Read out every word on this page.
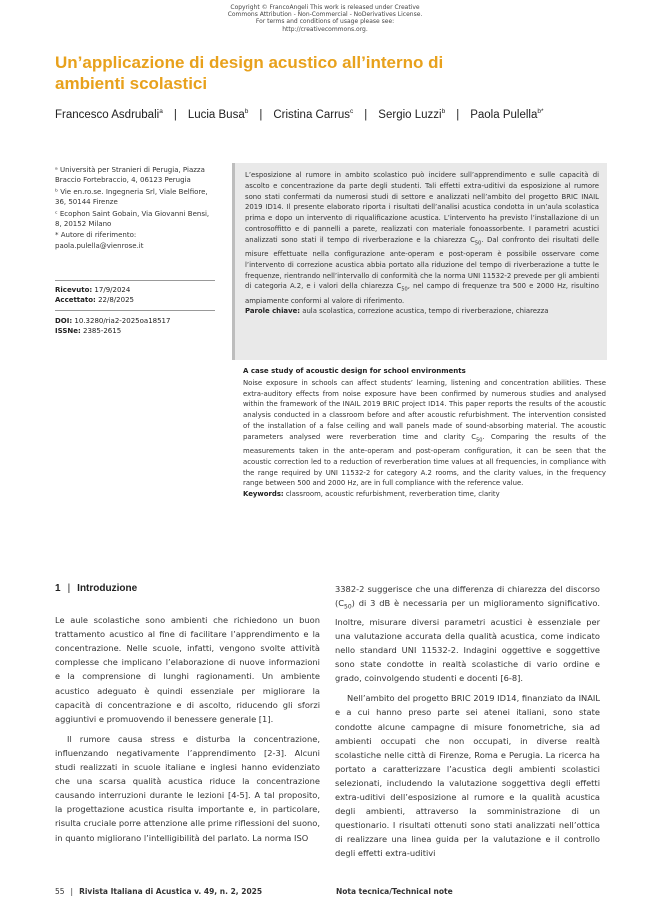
Copyright © FrancoAngeli This work is released under Creative
Commons Attribution - Non-Commercial - NoDerivatives License.
For terms and conditions of usage please see:
http://creativecommons.org.
Un’applicazione di design acustico all’interno di ambienti scolastici
Francesco Asdrubali$^a$ | Lucia Busa$^b$ | Cristina Carrus$^c$ | Sergio Luzzi$^b$ | Paola Pulella$^{b*}$

ᵃ Università per Stranieri di Perugia, Piazza Braccio Fortebraccio, 4, 06123 Perugia

ᵇ Vie en.ro.se. Ingegneria Srl, Viale Belfiore, 36, 50144 Firenze

ᶜ Ecophon Saint Gobain, Via Giovanni Bensi, 8, 20152 Milano

* Autore di riferimento: paola.pulella@vienrose.it

Ricevuto: 17/9/2024
Accettato: 22/8/2025
DOI: 10.3280/ria2-2025oa18517
ISSNe: 2385-2615
L’esposizione al rumore in ambito scolastico può incidere sull’apprendimento e sulle capacità di ascolto e concentrazione da parte degli studenti. Tali effetti extra-uditivi da esposizione al rumore sono stati confermati da numerosi studi di settore e analizzati nell’ambito del progetto BRIC INAIL 2019 ID14. Il presente elaborato riporta i risultati dell’analisi acustica condotta in un’aula scolastica prima e dopo un intervento di riqualificazione acustica. L’intervento ha previsto l’installazione di un controsoffitto e di pannelli a parete, realizzati con materiale fonoassorbente. I parametri acustici analizzati sono stati il tempo di riverberazione e la chiarezza $C_{50}$. Dal confronto dei risultati delle misure effettuate nella configurazione ante-operam e post-operam è possibile osservare come l’intervento di correzione acustica abbia portato alla riduzione del tempo di riverberazione a tutte le frequenze, rientrando nell’intervallo di conformità che la norma UNI 11532-2 prevede per gli ambienti di categoria A.2, e i valori della chiarezza $C_{50}$, nel campo di frequenze tra 500 e 2000 Hz, risultino ampiamente conformi al valore di riferimento.
Parole chiave: aula scolastica, correzione acustica, tempo di riverberazione, chiarezza
A case study of acoustic design for school environments
Noise exposure in schools can affect students’ learning, listening and concentration abilities. These extra-auditory effects from noise exposure have been confirmed by numerous studies and analysed within the framework of the INAIL 2019 BRIC project ID14. This paper reports the results of the acoustic analysis conducted in a classroom before and after acoustic refurbishment. The intervention consisted of the installation of a false ceiling and wall panels made of sound-absorbing material. The acoustic parameters analysed were reverberation time and clarity $C_{50}$. Comparing the results of the measurements taken in the ante-operam and post-operam configuration, it can be seen that the acoustic correction led to a reduction of reverberation time values at all frequencies, in compliance with the range required by UNI 11532-2 for category A.2 rooms, and the clarity values, in the frequency range between 500 and 2000 Hz, are in full compliance with the reference value.
Keywords: classroom, acoustic refurbishment, reverberation time, clarity
1 | Introduzione

Le aule scolastiche sono ambienti che richiedono un buon trattamento acustico al fine di facilitare l’apprendimento e la concentrazione. Nelle scuole, infatti, vengono svolte attività complesse che implicano l’elaborazione di nuove informazioni e la comprensione di lunghi ragionamenti. Un ambiente acustico adeguato è quindi essenziale per migliorare la capacità di concentrazione e di ascolto, riducendo gli sforzi aggiuntivi e promuovendo il benessere generale [1].

Il rumore causa stress e disturba la concentrazione, influenzando negativamente l’apprendimento [2-3]. Alcuni studi realizzati in scuole italiane e inglesi hanno evidenziato che una scarsa qualità acustica riduce la concentrazione causando interruzioni durante le lezioni [4-5]. A tal proposito, la progettazione acustica risulta importante e, in particolare, risulta cruciale porre attenzione alle prime riflessioni del suono, in quanto migliorano l’intelligibilità del parlato. La norma ISO

3382-2 suggerisce che una differenza di chiarezza del discorso $(C_{50})$ di 3 dB è necessaria per un miglioramento significativo. Inoltre, misurare diversi parametri acustici è essenziale per una valutazione accurata della qualità acustica, come indicato nello standard UNI 11532-2. Indagini oggettive e soggettive sono state condotte in realtà scolastiche di vario ordine e grado, coinvolgendo studenti e docenti [6-8].

Nell’ambito del progetto BRIC 2019 ID14, finanziato da INAIL e a cui hanno preso parte sei atenei italiani, sono state condotte alcune campagne di misure fonometriche, sia ad ambienti occupati che non occupati, in diverse realtà scolastiche nelle città di Firenze, Roma e Perugia. La ricerca ha portato a caratterizzare l’acustica degli ambienti scolastici selezionati, includendo la valutazione soggettiva degli effetti extra-uditivi dell’esposizione al rumore e la qualità acustica degli ambienti, attraverso la somministrazione di un questionario. I risultati ottenuti sono stati analizzati nell’ottica di realizzare una linea guida per la valutazione e il controllo degli effetti extra-uditivi

55 | Rivista Italiana di Acustica v. 49, n. 2, 2025	Nota tecnica/Technical note
